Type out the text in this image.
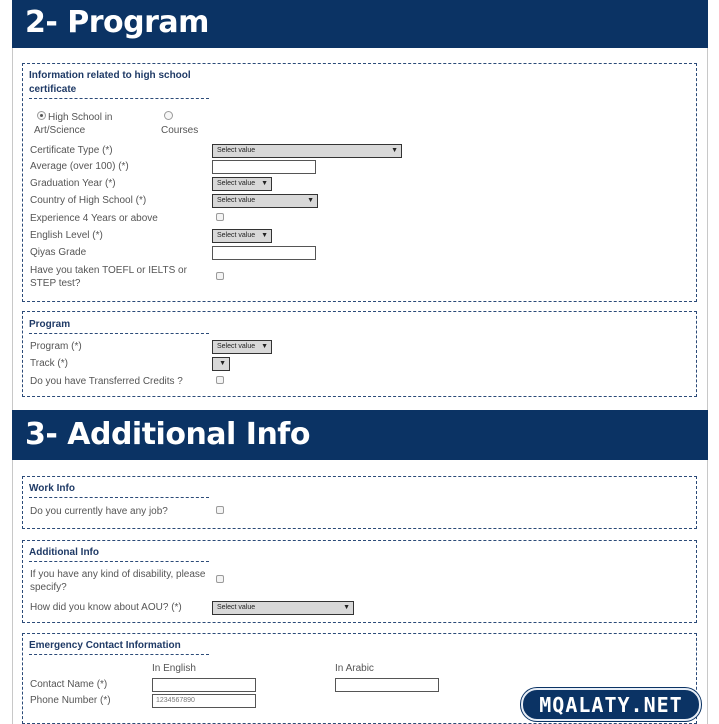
2- Program
Information related to high school certificate
High School in Art/Science	Courses
Certificate Type (*)	Select value	▼
Average (over 100) (*)
Graduation Year (*)	Select value ▼
Country of High School (*)	Select value	▼
Experience 4 Years or above
English Level (*)	Select value ▼
Qiyas Grade
Have you taken TOEFL or IELTS or STEP test?
Program
Program (*)	Select value ▼
Track (*)	▼
Do you have Transferred Credits ?
3- Additional Info
Work Info
Do you currently have any job?
Additional Info
If you have any kind of disability, please specify?
How did you know about AOU? (*)	Select value	▼
Emergency Contact Information
In English	In Arabic
Contact Name (*)
Phone Number (*)	1234567890	MQALATY.NET
